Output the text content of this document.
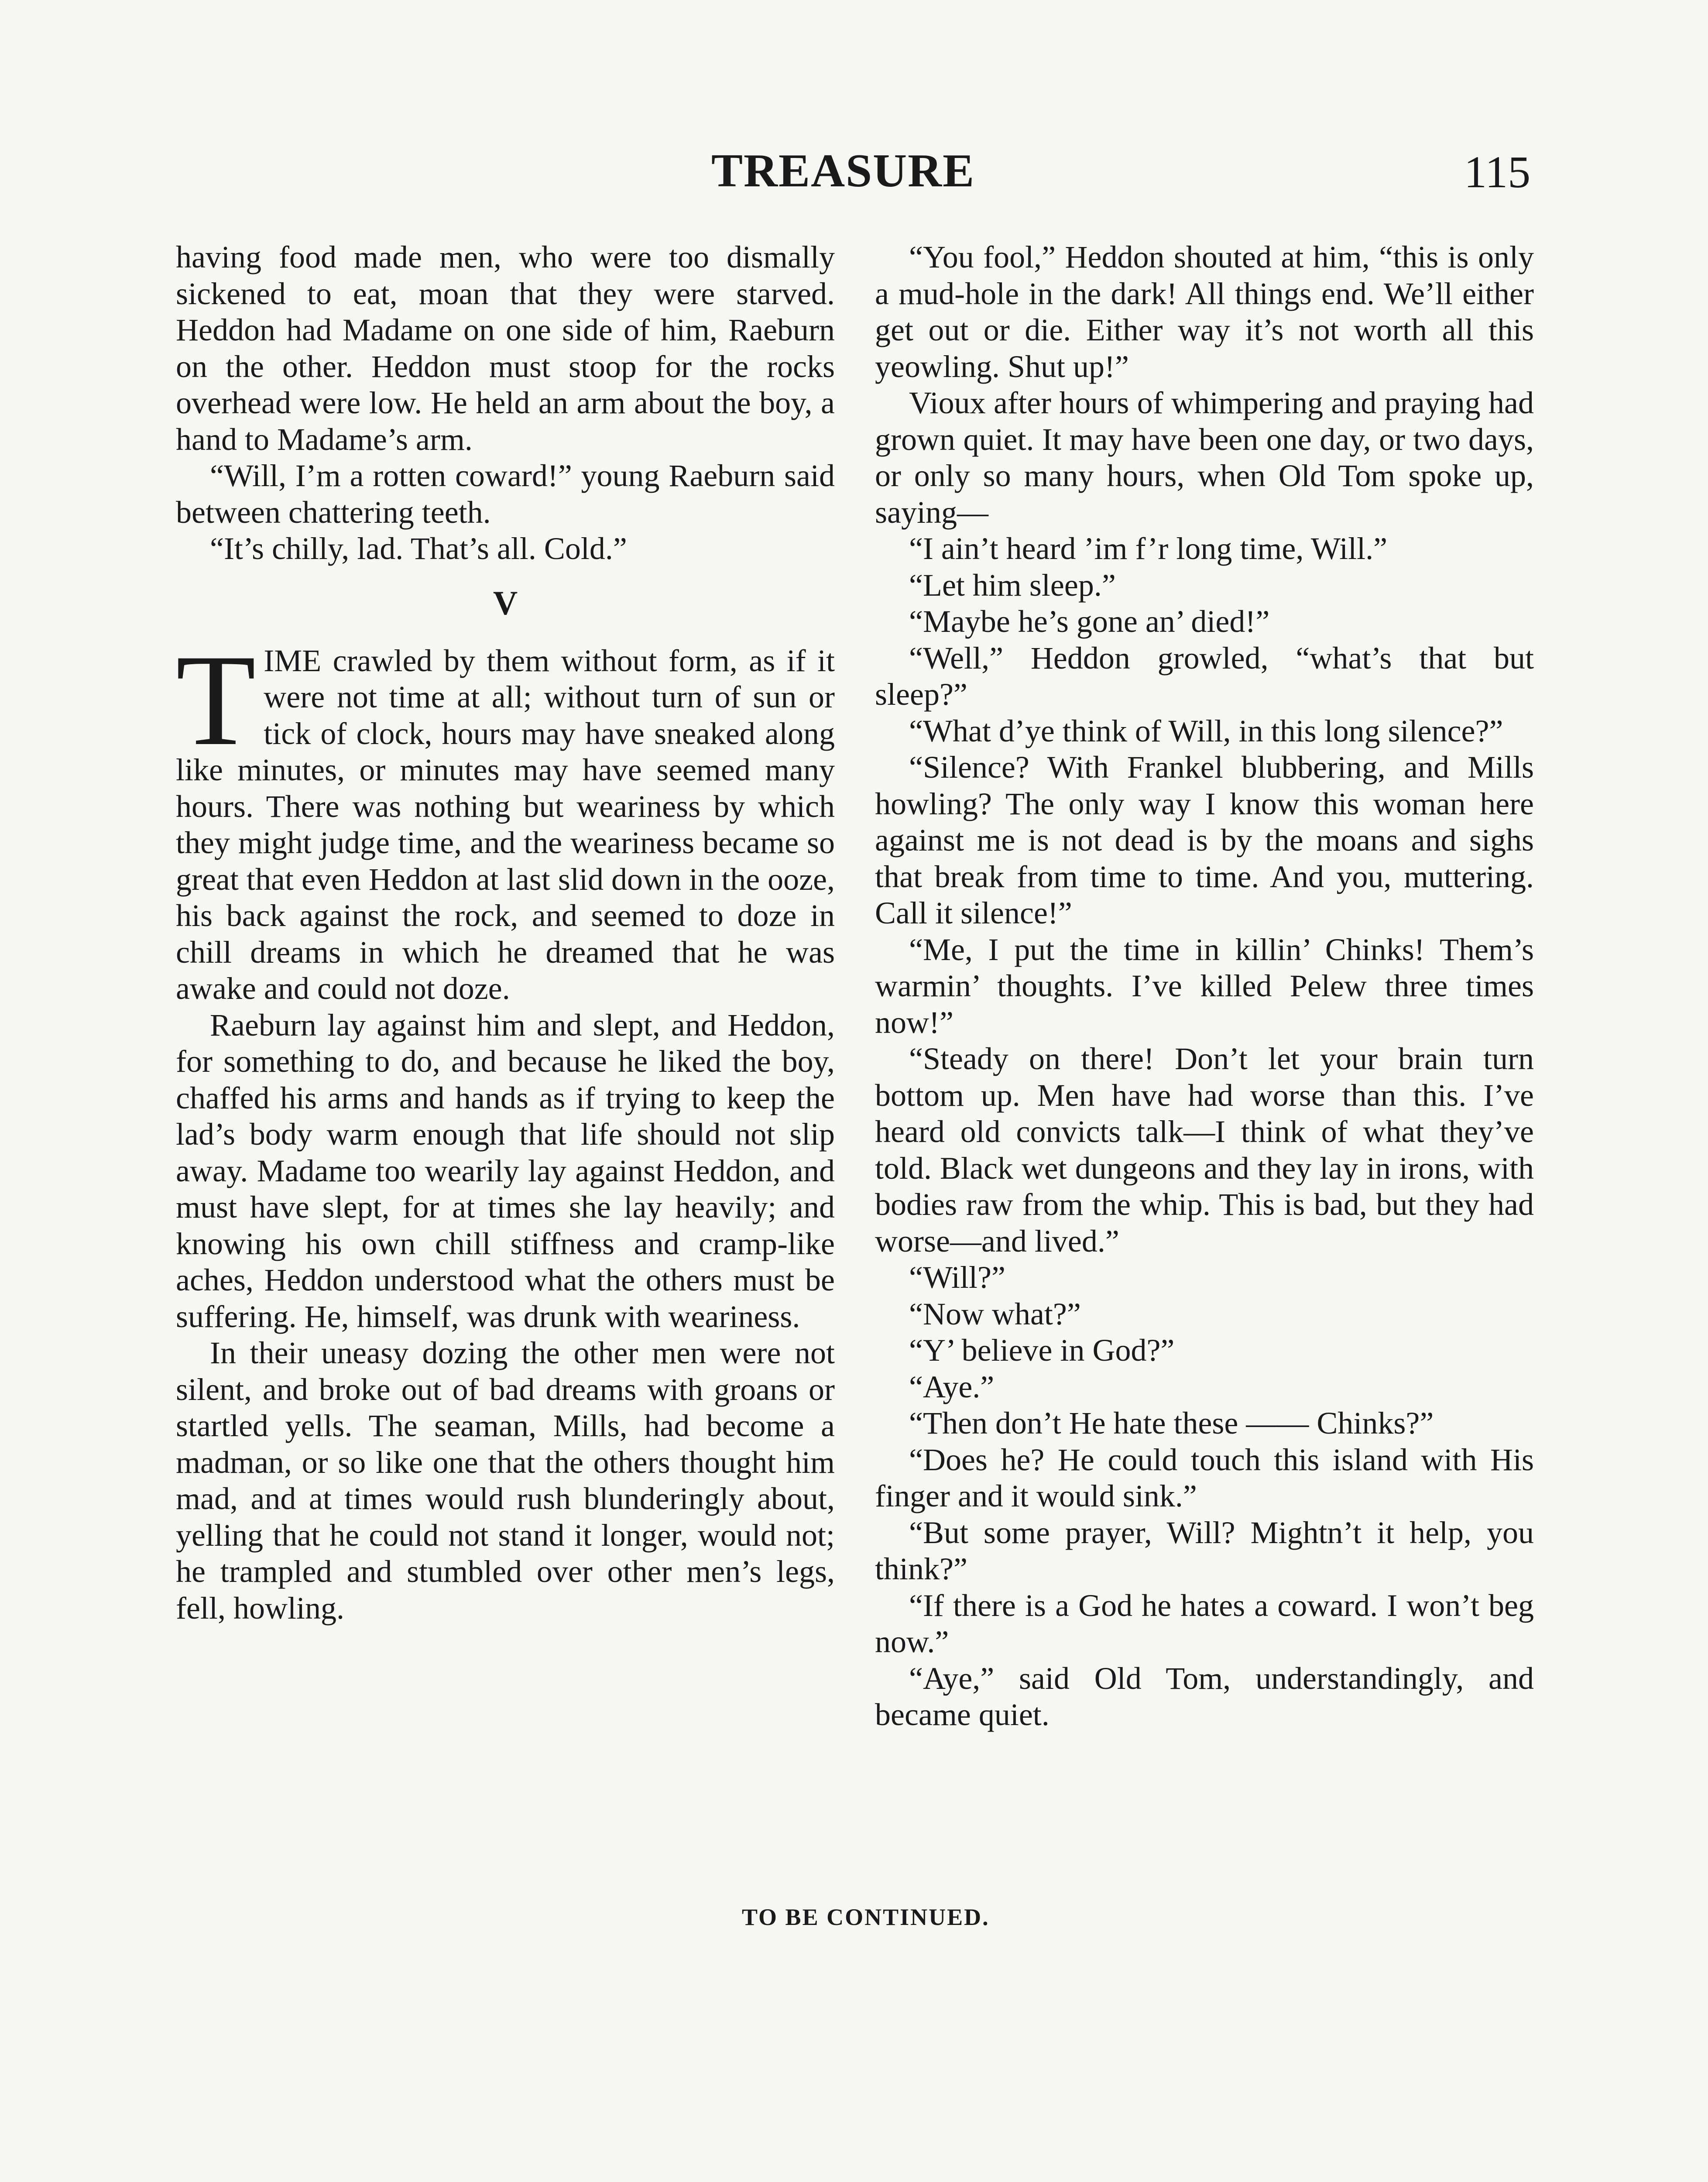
TREASURE	115

having food made men, who were too dismally sickened to eat, moan that they were starved. Heddon had Madame on one side of him, Raeburn on the other. Heddon must stoop for the rocks overhead were low. He held an arm about the boy, a hand to Madame’s arm.

“Will, I’m a rotten coward!” young Raeburn said between chattering teeth.

“It’s chilly, lad. That’s all. Cold.”

V

TIME crawled by them without form, as if it were not time at all; without turn of sun or tick of clock, hours may have sneaked along like minutes, or minutes may have seemed many hours. There was nothing but weariness by which they might judge time, and the weariness became so great that even Heddon at last slid down in the ooze, his back against the rock, and seemed to doze in chill dreams in which he dreamed that he was awake and could not doze.

Raeburn lay against him and slept, and Heddon, for something to do, and because he liked the boy, chaffed his arms and hands as if trying to keep the lad’s body warm enough that life should not slip away. Madame too wearily lay against Heddon, and must have slept, for at times she lay heavily; and knowing his own chill stiffness and cramp-like aches, Heddon understood what the others must be suffering. He, himself, was drunk with weariness.

In their uneasy dozing the other men were not silent, and broke out of bad dreams with groans or startled yells. The seaman, Mills, had become a madman, or so like one that the others thought him mad, and at times would rush blunderingly about, yelling that he could not stand it longer, would not; he trampled and stumbled over other men’s legs, fell, howling.

“You fool,” Heddon shouted at him, “this is only a mud-hole in the dark! All things end. We’ll either get out or die. Either way it’s not worth all this yeowling. Shut up!”

Vioux after hours of whimpering and praying had grown quiet. It may have been one day, or two days, or only so many hours, when Old Tom spoke up, saying—

“I ain’t heard ’im f’r long time, Will.”

“Let him sleep.”

“Maybe he’s gone an’ died!”

“Well,” Heddon growled, “what’s that but sleep?”

“What d’ye think of Will, in this long silence?”

“Silence? With Frankel blubbering, and Mills howling? The only way I know this woman here against me is not dead is by the moans and sighs that break from time to time. And you, muttering. Call it silence!”

“Me, I put the time in killin’ Chinks! Them’s warmin’ thoughts. I’ve killed Pelew three times now!”

“Steady on there! Don’t let your brain turn bottom up. Men have had worse than this. I’ve heard old convicts talk—I think of what they’ve told. Black wet dungeons and they lay in irons, with bodies raw from the whip. This is bad, but they had worse—and lived.”

“Will?”

“Now what?”

“Y’ believe in God?”

“Aye.”

“Then don’t He hate these —— Chinks?”

“Does he? He could touch this island with His finger and it would sink.”

“But some prayer, Will? Mightn’t it help, you think?”

“If there is a God he hates a coward. I won’t beg now.”

“Aye,” said Old Tom, understandingly, and became quiet.

TO BE CONTINUED.
